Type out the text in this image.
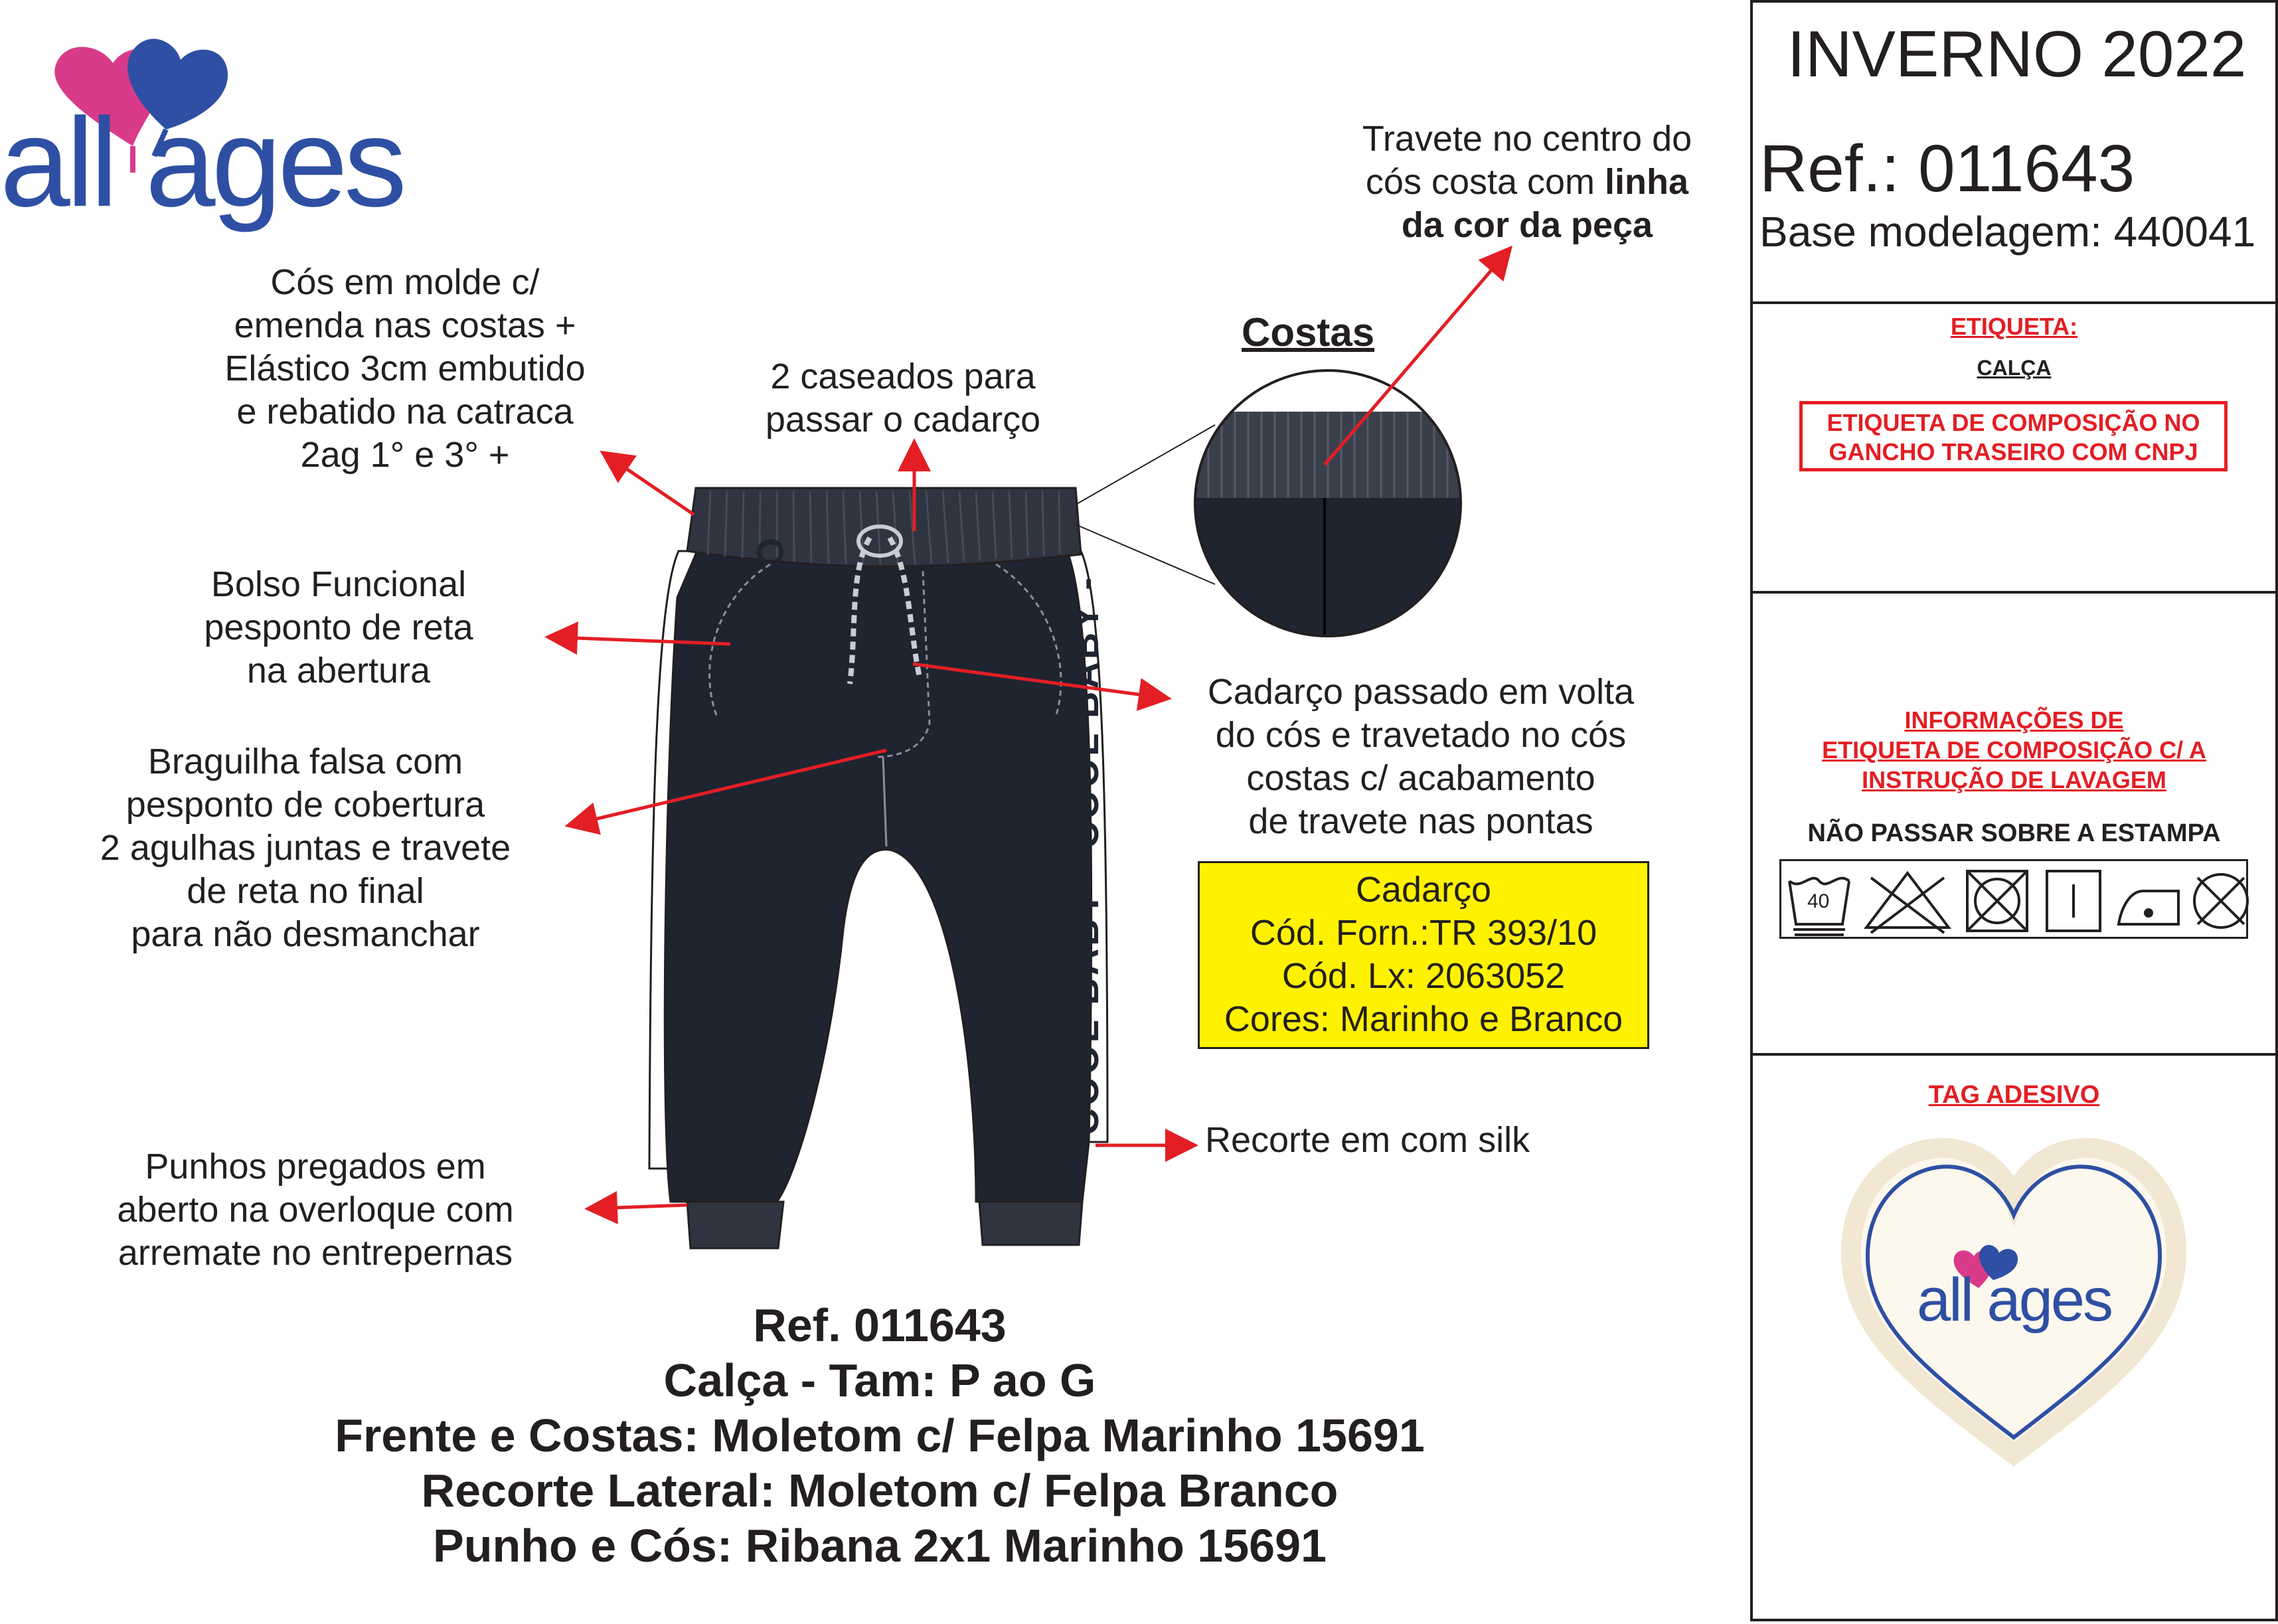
all ages
Cós em molde c/
emenda nas costas +
Elástico 3cm embutido
e rebatido na catraca
2ag 1° e 3° +
2 caseados para
passar o cadarço
Bolso Funcional
pesponto de reta
na abertura
Braguilha falsa com
pesponto de cobertura
2 agulhas juntas e travete
de reta no final
para não desmanchar
Punhos pregados em
aberto na overloque com
arremate no entrepernas
Travete no centro do
cós costa com linha
da cor da peça
Costas
Cadarço passado em volta
do cós e travetado no cós
costas c/ acabamento
de travete nas pontas
Recorte em com silk
Cadarço
Cód. Forn.:TR 393/10
Cód. Lx: 2063052
Cores: Marinho e Branco
COOL BABY - COOL BABY -	COOL BABY - COOL BABY -
Ref. 011643
Calça - Tam: P ao G
Frente e Costas: Moletom c/ Felpa Marinho 15691
Recorte Lateral: Moletom c/ Felpa Branco
Punho e Cós: Ribana 2x1 Marinho 15691
INVERNO 2022
Ref.: 011643
Base modelagem: 440041
ETIQUETA:
CALÇA
ETIQUETA DE COMPOSIÇÃO NO
GANCHO TRASEIRO COM CNPJ
INFORMAÇÕES DE
ETIQUETA DE COMPOSIÇÃO C/ A
INSTRUÇÃO DE LAVAGEM
NÃO PASSAR SOBRE A ESTAMPA
40
TAG ADESIVO
all ages
